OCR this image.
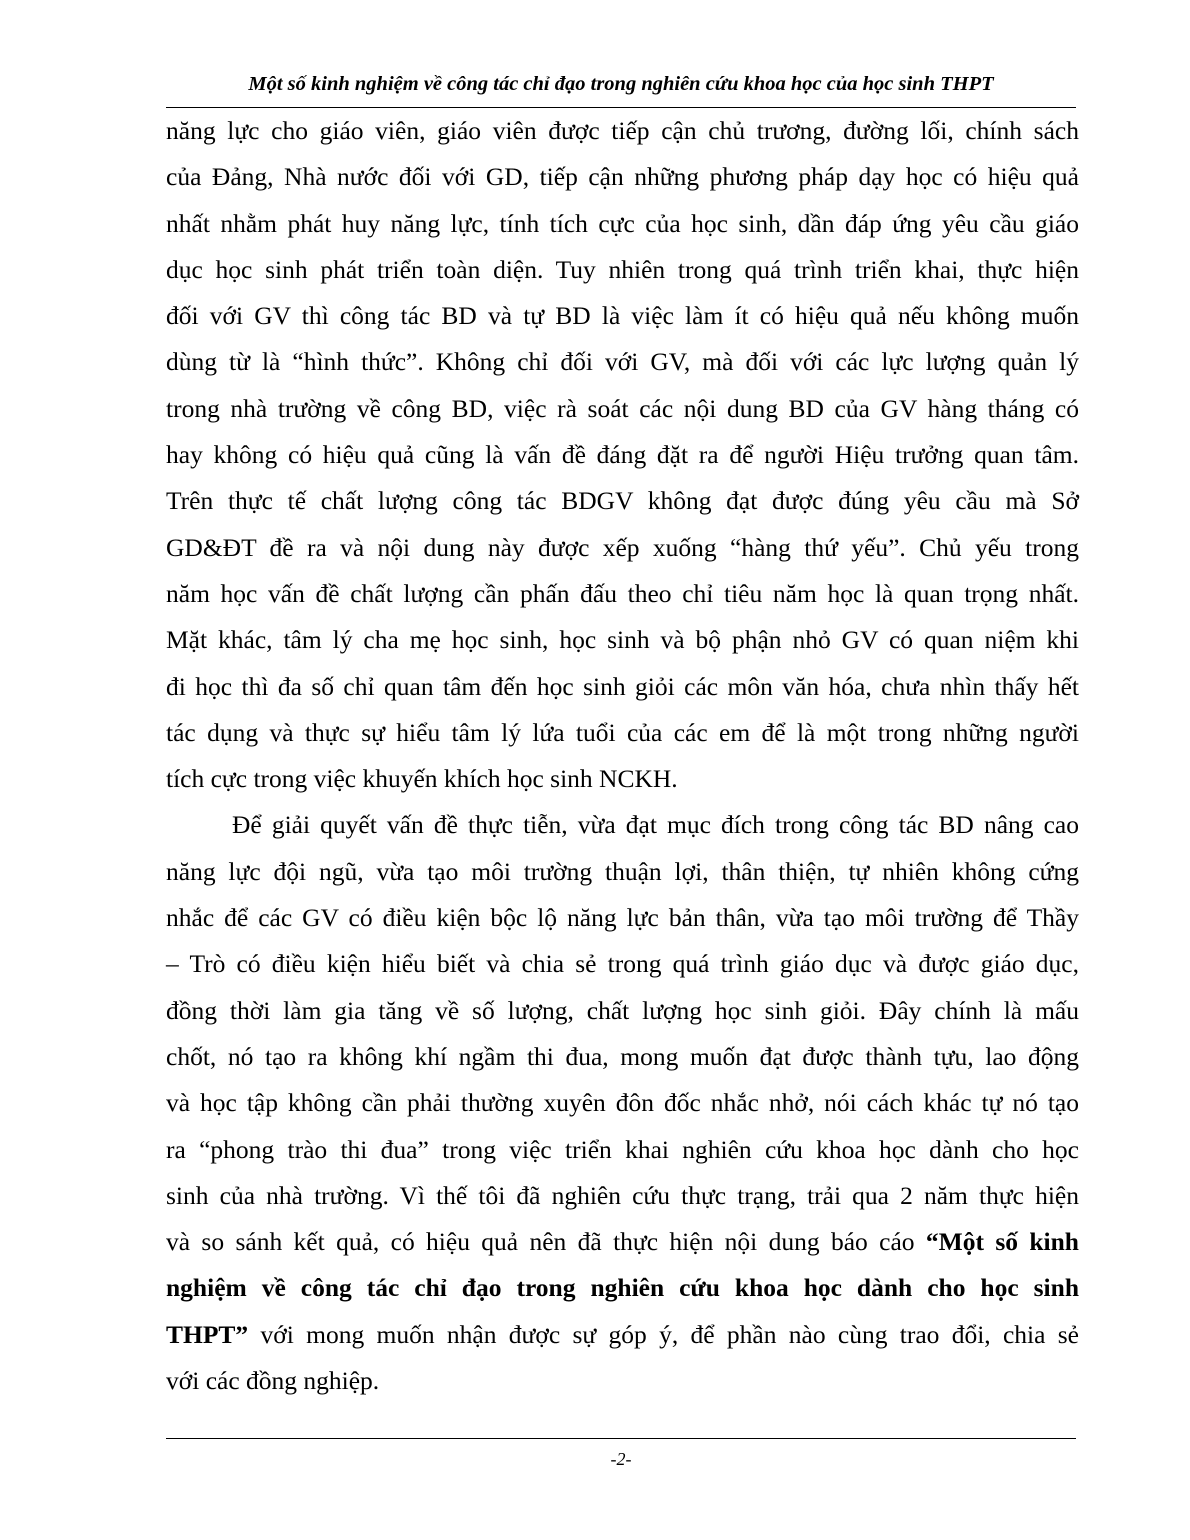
Một số kinh nghiệm về công tác chỉ đạo trong nghiên cứu khoa học của học sinh THPT
năng lực cho giáo viên, giáo viên được tiếp cận chủ trương, đường lối, chính sách
của Đảng, Nhà nước đối với GD, tiếp cận những phương pháp dạy học có hiệu quả
nhất nhằm phát huy năng lực, tính tích cực của học sinh, dần đáp ứng yêu cầu giáo
dục học sinh phát triển toàn diện. Tuy nhiên trong quá trình triển khai, thực hiện
đối với GV thì công tác BD và tự BD là việc làm ít có hiệu quả nếu không muốn
dùng từ là “hình thức”. Không chỉ đối với GV, mà đối với các lực lượng quản lý
trong nhà trường về công BD, việc rà soát các nội dung BD của GV hàng tháng có
hay không có hiệu quả cũng là vấn đề đáng đặt ra để người Hiệu trưởng quan tâm.
Trên thực tế chất lượng công tác BDGV không đạt được đúng yêu cầu mà Sở
GD&ĐT đề ra và nội dung này được xếp xuống “hàng thứ yếu”. Chủ yếu trong
năm học vấn đề chất lượng cần phấn đấu theo chỉ tiêu năm học là quan trọng nhất.
Mặt khác, tâm lý cha mẹ học sinh, học sinh và bộ phận nhỏ GV có quan niệm khi
đi học thì đa số chỉ quan tâm đến học sinh giỏi các môn văn hóa, chưa nhìn thấy hết
tác dụng và thực sự hiểu tâm lý lứa tuổi của các em để là một trong những người
tích cực trong việc khuyến khích học sinh NCKH.
Để giải quyết vấn đề thực tiễn, vừa đạt mục đích trong công tác BD nâng cao
năng lực đội ngũ, vừa tạo môi trường thuận lợi, thân thiện, tự nhiên không cứng
nhắc để các GV có điều kiện bộc lộ năng lực bản thân, vừa tạo môi trường để Thầy
– Trò có điều kiện hiểu biết và chia sẻ trong quá trình giáo dục và được giáo dục,
đồng thời làm gia tăng về số lượng, chất lượng học sinh giỏi. Đây chính là mấu
chốt, nó tạo ra không khí ngầm thi đua, mong muốn đạt được thành tựu, lao động
và học tập không cần phải thường xuyên đôn đốc nhắc nhở, nói cách khác tự nó tạo
ra “phong trào thi đua” trong việc triển khai nghiên cứu khoa học dành cho học
sinh của nhà trường. Vì thế tôi đã nghiên cứu thực trạng, trải qua 2 năm thực hiện
và so sánh kết quả, có hiệu quả nên đã thực hiện nội dung báo cáo “Một số kinh
nghiệm về công tác chỉ đạo trong nghiên cứu khoa học dành cho học sinh
THPT” với mong muốn nhận được sự góp ý, để phần nào cùng trao đổi, chia sẻ
với các đồng nghiệp.
-2-
